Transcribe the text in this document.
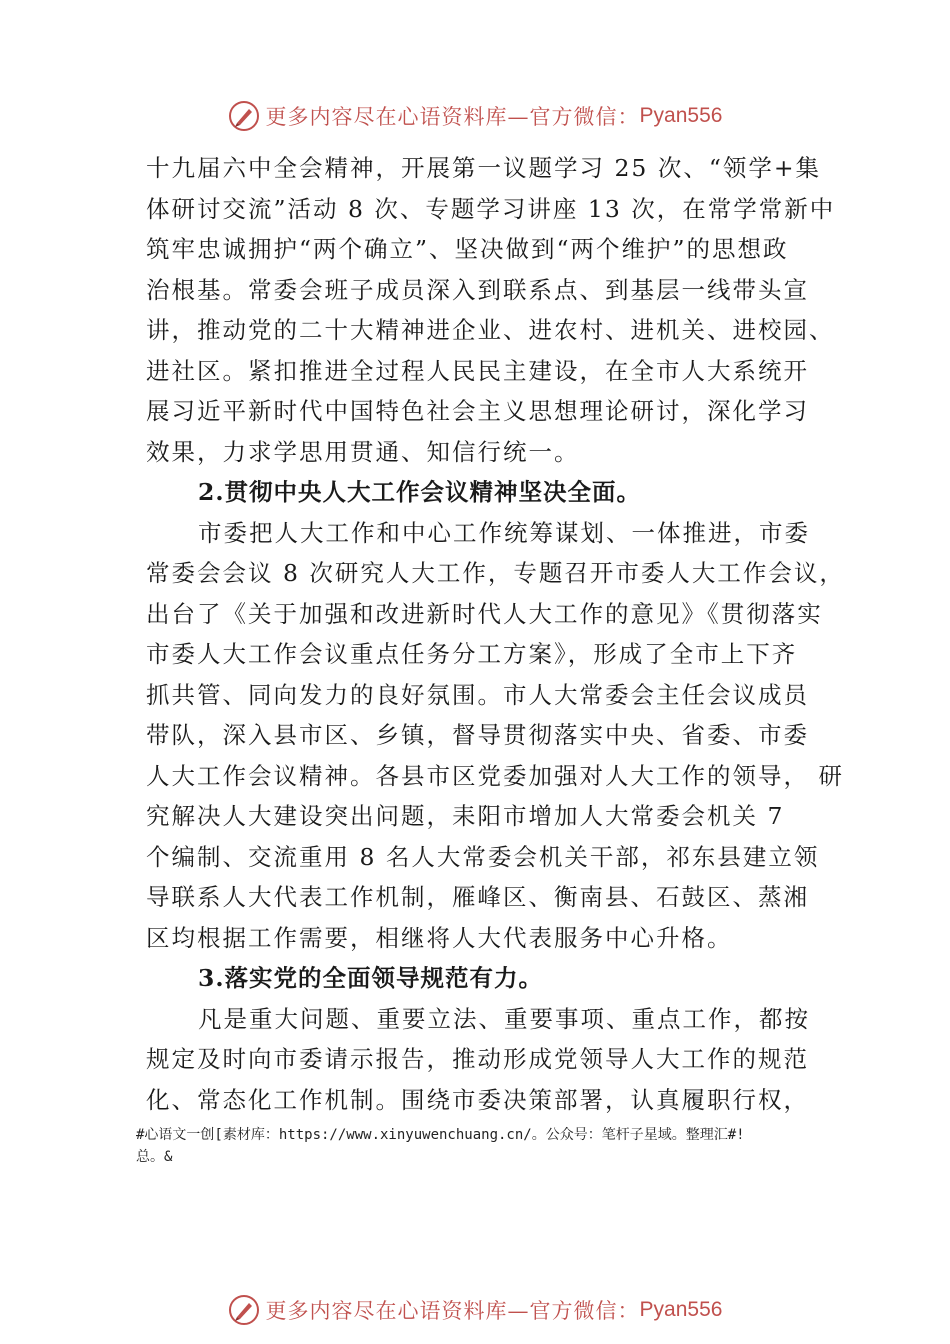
更多内容尽在心语资料库—官方微信： Pyan556
十九届六中全会精神，开展第一议题学习 25 次、“领学+集
体研讨交流”活动 8 次、专题学习讲座 13 次，在常学常新中
筑牢忠诚拥护“两个确立”、坚决做到“两个维护”的思想政
治根基。常委会班子成员深入到联系点、到基层一线带头宣
讲，推动党的二十大精神进企业、进农村、进机关、进校园、
进社区。紧扣推进全过程人民民主建设，在全市人大系统开
展习近平新时代中国特色社会主义思想理论研讨，深化学习
效果，力求学思用贯通、知信行统一。
2.贯彻中央人大工作会议精神坚决全面。
市委把人大工作和中心工作统筹谋划、一体推进，市委
常委会会议 8 次研究人大工作，专题召开市委人大工作会议，
出台了《关于加强和改进新时代人大工作的意见》《贯彻落实
市委人大工作会议重点任务分工方案》，形成了全市上下齐
抓共管、同向发力的良好氛围。市人大常委会主任会议成员
带队，深入县市区、乡镇，督导贯彻落实中央、省委、市委
人大工作会议精神。各县市区党委加强对人大工作的领导， 研
究解决人大建设突出问题，耒阳市增加人大常委会机关 7
个编制、交流重用 8 名人大常委会机关干部，祁东县建立领
导联系人大代表工作机制，雁峰区、衡南县、石鼓区、蒸湘
区均根据工作需要，相继将人大代表服务中心升格。
3.落实党的全面领导规范有力。
凡是重大问题、重要立法、重要事项、重点工作，都按
规定及时向市委请示报告，推动形成党领导人大工作的规范
化、常态化工作机制。围绕市委决策部署，认真履职行权，
#心语文一创[素材库：https://www.xinyuwenchuang.cn/。公众号：笔杆子星域。整理汇#!
总。&
更多内容尽在心语资料库—官方微信： Pyan556
